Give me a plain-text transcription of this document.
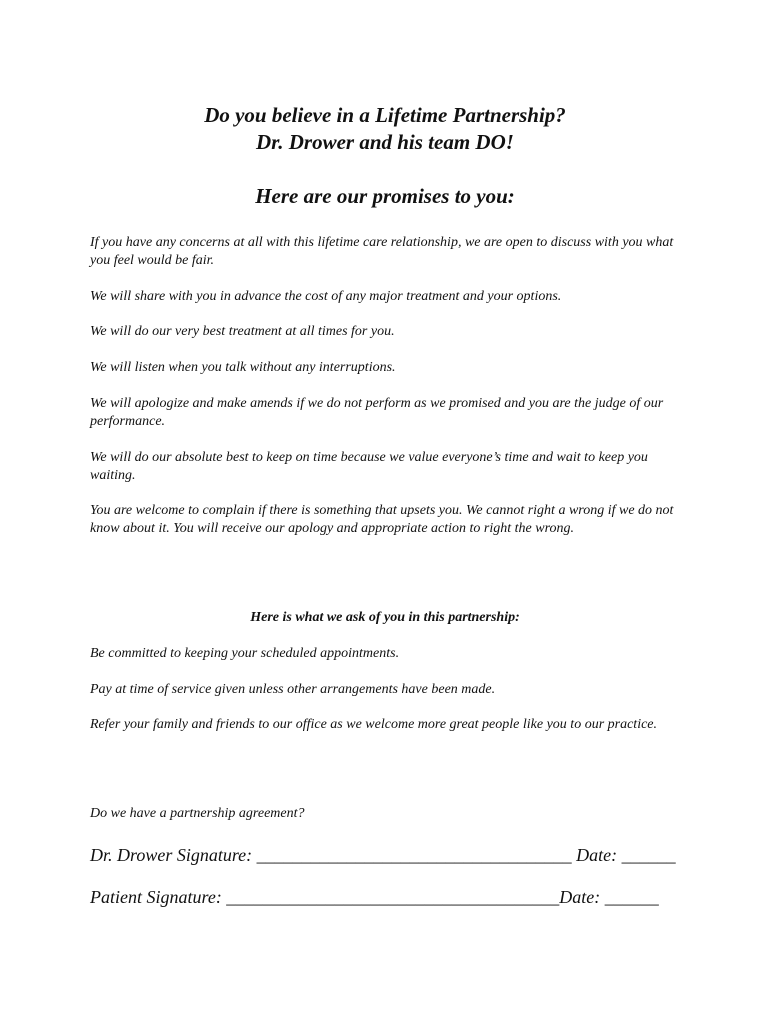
Do you believe in a Lifetime Partnership?
Dr. Drower and his team DO!
Here are our promises to you:

If you have any concerns at all with this lifetime care relationship, we are open to discuss with you what you feel would be fair.

We will share with you in advance the cost of any major treatment and your options.

We will do our very best treatment at all times for you.

We will listen when you talk without any interruptions.

We will apologize and make amends if we do not perform as we promised and you are the judge of our performance.

We will do our absolute best to keep on time because we value everyone’s time and wait to keep you waiting.

You are welcome to complain if there is something that upsets you. We cannot right a wrong if we do not know about it. You will receive our apology and appropriate action to right the wrong.

Here is what we ask of you in this partnership:

Be committed to keeping your scheduled appointments.

Pay at time of service given unless other arrangements have been made.

Refer your family and friends to our office as we welcome more great people like you to our practice.

Do we have a partnership agreement?

Dr. Drower Signature: ___________________________________ Date: ______

Patient Signature: _____________________________________Date: ______
